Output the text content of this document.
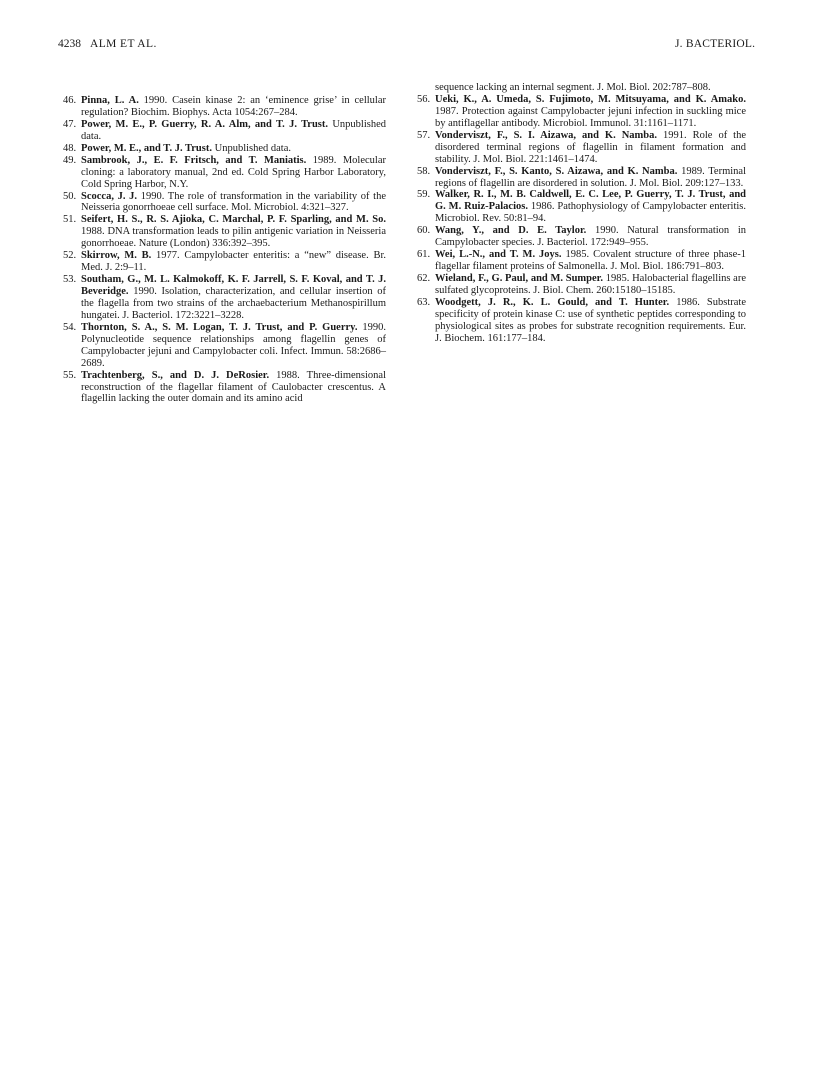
4238 ALM ET AL.	J. BACTERIOL.
46. Pinna, L. A. 1990. Casein kinase 2: an ‘eminence grise’ in cellular regulation? Biochim. Biophys. Acta 1054:267–284.
47. Power, M. E., P. Guerry, R. A. Alm, and T. J. Trust. Unpublished data.
48. Power, M. E., and T. J. Trust. Unpublished data.
49. Sambrook, J., E. F. Fritsch, and T. Maniatis. 1989. Molecular cloning: a laboratory manual, 2nd ed. Cold Spring Harbor Laboratory, Cold Spring Harbor, N.Y.
50. Scocca, J. J. 1990. The role of transformation in the variability of the Neisseria gonorrhoeae cell surface. Mol. Microbiol. 4:321–327.
51. Seifert, H. S., R. S. Ajioka, C. Marchal, P. F. Sparling, and M. So. 1988. DNA transformation leads to pilin antigenic variation in Neisseria gonorrhoeae. Nature (London) 336:392–395.
52. Skirrow, M. B. 1977. Campylobacter enteritis: a “new” disease. Br. Med. J. 2:9–11.
53. Southam, G., M. L. Kalmokoff, K. F. Jarrell, S. F. Koval, and T. J. Beveridge. 1990. Isolation, characterization, and cellular insertion of the flagella from two strains of the archaebacterium Methanospirillum hungatei. J. Bacteriol. 172:3221–3228.
54. Thornton, S. A., S. M. Logan, T. J. Trust, and P. Guerry. 1990. Polynucleotide sequence relationships among flagellin genes of Campylobacter jejuni and Campylobacter coli. Infect. Immun. 58:2686–2689.
55. Trachtenberg, S., and D. J. DeRosier. 1988. Three-dimensional reconstruction of the flagellar filament of Caulobacter crescentus. A flagellin lacking the outer domain and its amino acid
sequence lacking an internal segment. J. Mol. Biol. 202:787–808.
56. Ueki, K., A. Umeda, S. Fujimoto, M. Mitsuyama, and K. Amako. 1987. Protection against Campylobacter jejuni infection in suckling mice by antiflagellar antibody. Microbiol. Immunol. 31:1161–1171.
57. Vonderviszt, F., S. I. Aizawa, and K. Namba. 1991. Role of the disordered terminal regions of flagellin in filament formation and stability. J. Mol. Biol. 221:1461–1474.
58. Vonderviszt, F., S. Kanto, S. Aizawa, and K. Namba. 1989. Terminal regions of flagellin are disordered in solution. J. Mol. Biol. 209:127–133.
59. Walker, R. I., M. B. Caldwell, E. C. Lee, P. Guerry, T. J. Trust, and G. M. Ruiz-Palacios. 1986. Pathophysiology of Campylobacter enteritis. Microbiol. Rev. 50:81–94.
60. Wang, Y., and D. E. Taylor. 1990. Natural transformation in Campylobacter species. J. Bacteriol. 172:949–955.
61. Wei, L.-N., and T. M. Joys. 1985. Covalent structure of three phase-1 flagellar filament proteins of Salmonella. J. Mol. Biol. 186:791–803.
62. Wieland, F., G. Paul, and M. Sumper. 1985. Halobacterial flagellins are sulfated glycoproteins. J. Biol. Chem. 260:15180–15185.
63. Woodgett, J. R., K. L. Gould, and T. Hunter. 1986. Substrate specificity of protein kinase C: use of synthetic peptides corresponding to physiological sites as probes for substrate recognition requirements. Eur. J. Biochem. 161:177–184.
